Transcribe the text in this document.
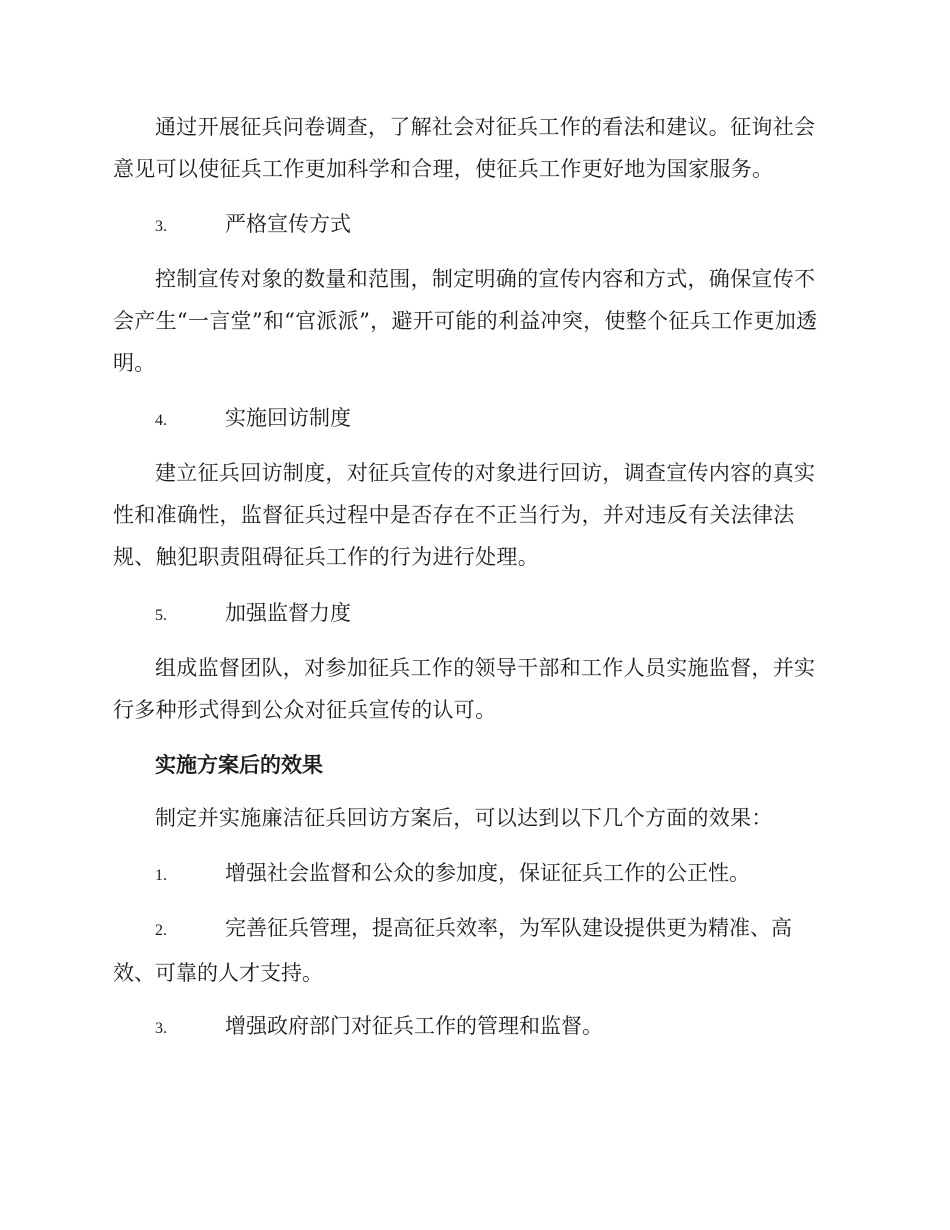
通过开展征兵问卷调查，了解社会对征兵工作的看法和建议。征询社会意见可以使征兵工作更加科学和合理，使征兵工作更好地为国家服务。

3.	严格宣传方式

控制宣传对象的数量和范围，制定明确的宣传内容和方式，确保宣传不会产生“一言堂”和“官派派”，避开可能的利益冲突，使整个征兵工作更加透明。

4.	实施回访制度

建立征兵回访制度，对征兵宣传的对象进行回访，调查宣传内容的真实性和准确性，监督征兵过程中是否存在不正当行为，并对违反有关法律法规、触犯职责阻碍征兵工作的行为进行处理。

5.	加强监督力度

组成监督团队，对参加征兵工作的领导干部和工作人员实施监督，并实行多种形式得到公众对征兵宣传的认可。

实施方案后的效果

制定并实施廉洁征兵回访方案后，可以达到以下几个方面的效果：

1.	增强社会监督和公众的参加度，保证征兵工作的公正性。

2.	完善征兵管理，提高征兵效率，为军队建设提供更为精准、高效、可靠的人才支持。

3.	增强政府部门对征兵工作的管理和监督。
